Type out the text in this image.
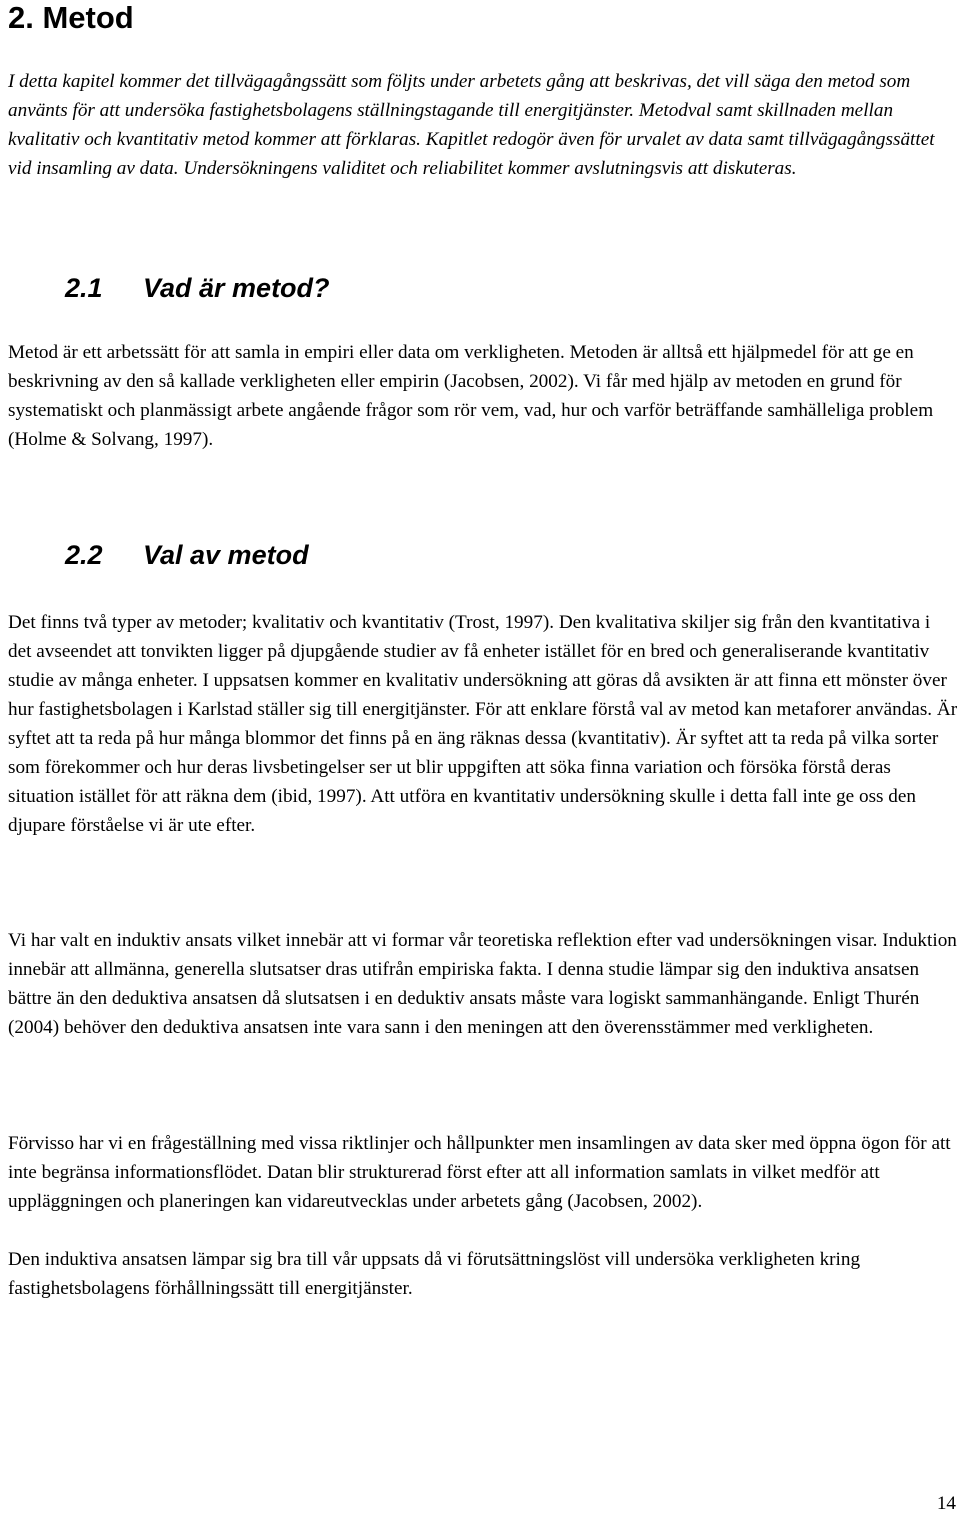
2. Metod

I detta kapitel kommer det tillvägagångssätt som följts under arbetets gång att beskrivas, det vill säga den metod som använts för att undersöka fastighetsbolagens ställningstagande till energitjänster. Metodval samt skillnaden mellan kvalitativ och kvantitativ metod kommer att förklaras. Kapitlet redogör även för urvalet av data samt tillvägagångssättet vid insamling av data. Undersökningens validitet och reliabilitet kommer avslutningsvis att diskuteras.

2.1 Vad är metod?

Metod är ett arbetssätt för att samla in empiri eller data om verkligheten. Metoden är alltså ett hjälpmedel för att ge en beskrivning av den så kallade verkligheten eller empirin (Jacobsen, 2002). Vi får med hjälp av metoden en grund för systematiskt och planmässigt arbete angående frågor som rör vem, vad, hur och varför beträffande samhälleliga problem (Holme & Solvang, 1997).

2.2 Val av metod

Det finns två typer av metoder; kvalitativ och kvantitativ (Trost, 1997). Den kvalitativa skiljer sig från den kvantitativa i det avseendet att tonvikten ligger på djupgående studier av få enheter istället för en bred och generaliserande kvantitativ studie av många enheter. I uppsatsen kommer en kvalitativ undersökning att göras då avsikten är att finna ett mönster över hur fastighetsbolagen i Karlstad ställer sig till energitjänster. För att enklare förstå val av metod kan metaforer användas. Är syftet att ta reda på hur många blommor det finns på en äng räknas dessa (kvantitativ). Är syftet att ta reda på vilka sorter som förekommer och hur deras livsbetingelser ser ut blir uppgiften att söka finna variation och försöka förstå deras situation istället för att räkna dem (ibid, 1997). Att utföra en kvantitativ undersökning skulle i detta fall inte ge oss den djupare förståelse vi är ute efter.

Vi har valt en induktiv ansats vilket innebär att vi formar vår teoretiska reflektion efter vad undersökningen visar. Induktion innebär att allmänna, generella slutsatser dras utifrån empiriska fakta. I denna studie lämpar sig den induktiva ansatsen bättre än den deduktiva ansatsen då slutsatsen i en deduktiv ansats måste vara logiskt sammanhängande. Enligt Thurén (2004) behöver den deduktiva ansatsen inte vara sann i den meningen att den överensstämmer med verkligheten.

Förvisso har vi en frågeställning med vissa riktlinjer och hållpunkter men insamlingen av data sker med öppna ögon för att inte begränsa informationsflödet. Datan blir strukturerad först efter att all information samlats in vilket medför att uppläggningen och planeringen kan vidareutvecklas under arbetets gång (Jacobsen, 2002).

Den induktiva ansatsen lämpar sig bra till vår uppsats då vi förutsättningslöst vill undersöka verkligheten kring fastighetsbolagens förhållningssätt till energitjänster.

14
